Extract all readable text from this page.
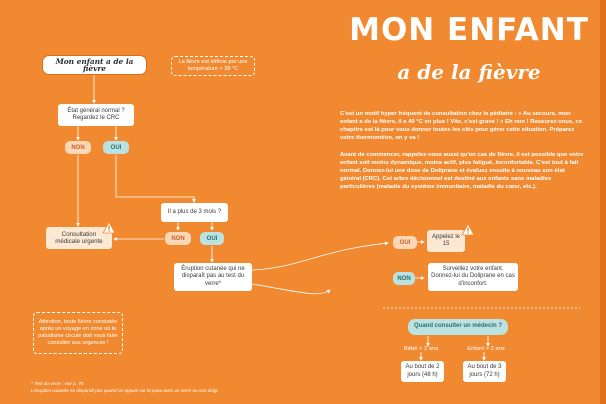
MON ENFANT
a de la fièvre
Mon enfant a de la fièvre
La fièvre est définie par une température > 38 °C
État général normal ? Regardez le CRC
NON	OUI
Consultation médicale urgente
Il a plus de 3 mois ?
NON	OUI
Éruption cutanée qui ne disparaît pas au test du verre*
OUI
NON
Appelez le 15
Surveillez votre enfant. Donnez-lui du Doliprane en cas d'inconfort.
Attention, toute fièvre constatée après un voyage en zone où le paludisme circule doit vous faire consulter aux urgences !
C'est un motif hyper fréquent de consultation chez le pédiatre : « Au secours, mon enfant a de la fièvre, il a 40 °C en plus ! Vite, c'est grave ! » Eh non ! Rassurez-vous, ce chapitre est là pour vous donner toutes les clés pour gérer cette situation. Préparez votre thermomètre, on y va !
Avant de commencer, rappelez-vous aussi qu'en cas de fièvre, il est possible que votre enfant soit moins dynamique, moins actif, plus fatigué, inconfortable. C'est tout à fait normal. Donnez-lui une dose de Doliprane et évaluez ensuite à nouveau son état général (CRC). Cet arbre décisionnel est destiné aux enfants sans maladies particulières (maladie du système immunitaire, maladie du cœur, etc.).
Quand consulter un médecin ?
Bébé < 2 ans	Enfant > 2 ans
Au bout de 2 jours (48 h)
Au bout de 3 jours (72 h)
* Test du verre : voir p. 75
L'éruption cutanée ne disparaît pas quand on appuie sur la peau avec un verre ou son doigt.
